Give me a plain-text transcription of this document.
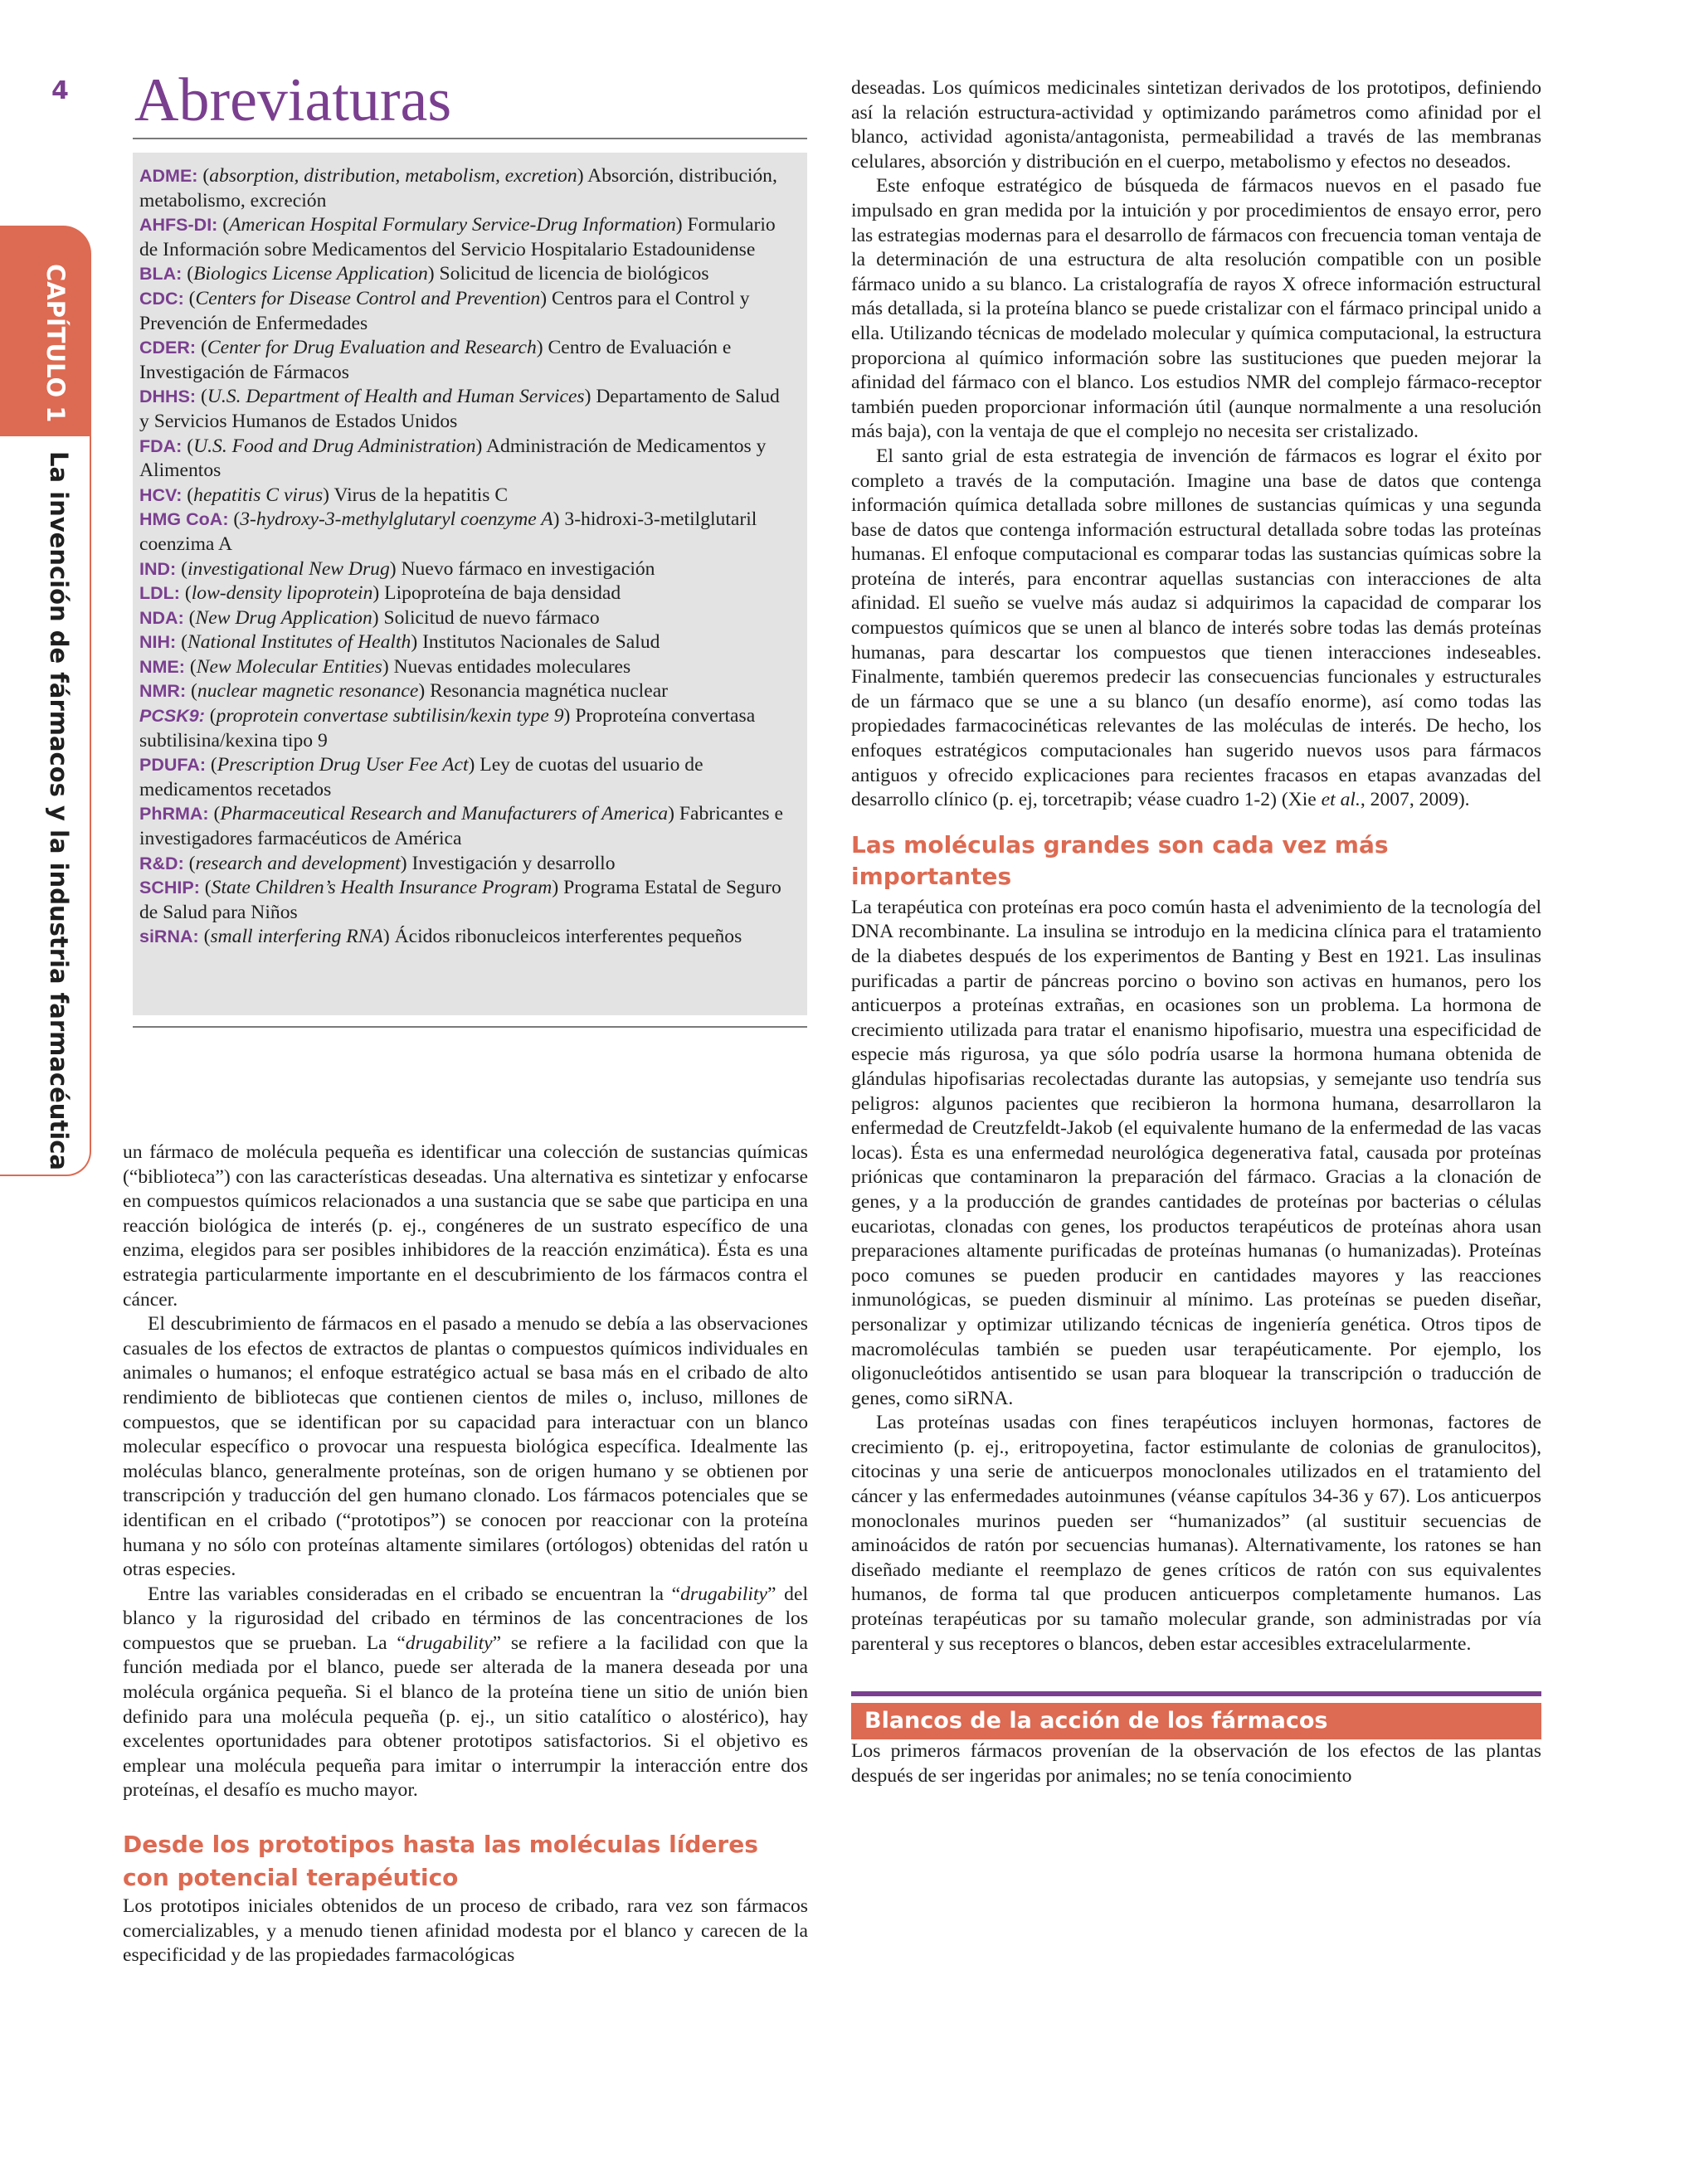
4
CAPÍTULO 1
La invención de fármacos y la industria farmacéutica
Abreviaturas

ADME: (absorption, distribution, metabolism, excretion) Absorción, distribución, metabolismo, excreción

AHFS-DI: (American Hospital Formulary Service-Drug Information) Formulario de Información sobre Medicamentos del Servicio Hospitalario Estadounidense

BLA: (Biologics License Application) Solicitud de licencia de biológicos

CDC: (Centers for Disease Control and Prevention) Centros para el Control y Prevención de Enfermedades

CDER: (Center for Drug Evaluation and Research) Centro de Evaluación e Investigación de Fármacos

DHHS: (U.S. Department of Health and Human Services) Departamento de Salud y Servicios Humanos de Estados Unidos

FDA: (U.S. Food and Drug Administration) Administración de Medicamentos y Alimentos

HCV: (hepatitis C virus) Virus de la hepatitis C

HMG CoA: (3-hydroxy-3-methylglutaryl coenzyme A) 3-hidroxi-3-metilglutaril coenzima A

IND: (investigational New Drug) Nuevo fármaco en investigación

LDL: (low-density lipoprotein) Lipoproteína de baja densidad

NDA: (New Drug Application) Solicitud de nuevo fármaco

NIH: (National Institutes of Health) Institutos Nacionales de Salud

NME: (New Molecular Entities) Nuevas entidades moleculares

NMR: (nuclear magnetic resonance) Resonancia magnética nuclear

PCSK9: (proprotein convertase subtilisin/kexin type 9) Proproteína convertasa subtilisina/kexina tipo 9

PDUFA: (Prescription Drug User Fee Act) Ley de cuotas del usuario de medicamentos recetados

PhRMA: (Pharmaceutical Research and Manufacturers of America) Fabricantes e investigadores farmacéuticos de América

R&D: (research and development) Investigación y desarrollo

SCHIP: (State Children’s Health Insurance Program) Programa Estatal de Seguro de Salud para Niños

siRNA: (small interfering RNA) Ácidos ribonucleicos interferentes pequeños

un fármaco de molécula pequeña es identificar una colección de sustancias químicas (“biblioteca”) con las características deseadas. Una alternativa es sintetizar y enfocarse en compuestos químicos relacionados a una sustancia que se sabe que participa en una reacción biológica de interés (p. ej., congéneres de un sustrato específico de una enzima, elegidos para ser posibles inhibidores de la reacción enzimática). Ésta es una estrategia particularmente importante en el descubrimiento de los fármacos contra el cáncer.

El descubrimiento de fármacos en el pasado a menudo se debía a las observaciones casuales de los efectos de extractos de plantas o compuestos químicos individuales en animales o humanos; el enfoque estratégico actual se basa más en el cribado de alto rendimiento de bibliotecas que contienen cientos de miles o, incluso, millones de compuestos, que se identifican por su capacidad para interactuar con un blanco molecular específico o provocar una respuesta biológica específica. Idealmente las moléculas blanco, generalmente proteínas, son de origen humano y se obtienen por transcripción y traducción del gen humano clonado. Los fármacos potenciales que se identifican en el cribado (“prototipos”) se conocen por reaccionar con la proteína humana y no sólo con proteínas altamente similares (ortólogos) obtenidas del ratón u otras especies.

Entre las variables consideradas en el cribado se encuentran la “drugability” del blanco y la rigurosidad del cribado en términos de las concentraciones de los compuestos que se prueban. La “drugability” se refiere a la facilidad con que la función mediada por el blanco, puede ser alterada de la manera deseada por una molécula orgánica pequeña. Si el blanco de la proteína tiene un sitio de unión bien definido para una molécula pequeña (p. ej., un sitio catalítico o alostérico), hay excelentes oportunidades para obtener prototipos satisfactorios. Si el objetivo es emplear una molécula pequeña para imitar o interrumpir la interacción entre dos proteínas, el desafío es mucho mayor.

Desde los prototipos hasta las moléculas líderes con potencial terapéutico

Los prototipos iniciales obtenidos de un proceso de cribado, rara vez son fármacos comercializables, y a menudo tienen afinidad modesta por el blanco y carecen de la especificidad y de las propiedades farmacológicas

deseadas. Los químicos medicinales sintetizan derivados de los prototipos, definiendo así la relación estructura-actividad y optimizando parámetros como afinidad por el blanco, actividad agonista/antagonista, permeabilidad a través de las membranas celulares, absorción y distribución en el cuerpo, metabolismo y efectos no deseados.

Este enfoque estratégico de búsqueda de fármacos nuevos en el pasado fue impulsado en gran medida por la intuición y por procedimientos de ensayo error, pero las estrategias modernas para el desarrollo de fármacos con frecuencia toman ventaja de la determinación de una estructura de alta resolución compatible con un posible fármaco unido a su blanco. La cristalografía de rayos X ofrece información estructural más detallada, si la proteína blanco se puede cristalizar con el fármaco principal unido a ella. Utilizando técnicas de modelado molecular y química computacional, la estructura proporciona al químico información sobre las sustituciones que pueden mejorar la afinidad del fármaco con el blanco. Los estudios NMR del complejo fármaco-receptor también pueden proporcionar información útil (aunque normalmente a una resolución más baja), con la ventaja de que el complejo no necesita ser cristalizado.

El santo grial de esta estrategia de invención de fármacos es lograr el éxito por completo a través de la computación. Imagine una base de datos que contenga información química detallada sobre millones de sustancias químicas y una segunda base de datos que contenga información estructural detallada sobre todas las proteínas humanas. El enfoque computacional es comparar todas las sustancias químicas sobre la proteína de interés, para encontrar aquellas sustancias con interacciones de alta afinidad. El sueño se vuelve más audaz si adquirimos la capacidad de comparar los compuestos químicos que se unen al blanco de interés sobre todas las demás proteínas humanas, para descartar los compuestos que tienen interacciones indeseables. Finalmente, también queremos predecir las consecuencias funcionales y estructurales de un fármaco que se une a su blanco (un desafío enorme), así como todas las propiedades farmacocinéticas relevantes de las moléculas de interés. De hecho, los enfoques estratégicos computacionales han sugerido nuevos usos para fármacos antiguos y ofrecido explicaciones para recientes fracasos en etapas avanzadas del desarrollo clínico (p. ej, torcetrapib; véase cuadro 1-2) (Xie et al., 2007, 2009).

Las moléculas grandes son cada vez más importantes

La terapéutica con proteínas era poco común hasta el advenimiento de la tecnología del DNA recombinante. La insulina se introdujo en la medicina clínica para el tratamiento de la diabetes después de los experimentos de Banting y Best en 1921. Las insulinas purificadas a partir de páncreas porcino o bovino son activas en humanos, pero los anticuerpos a proteínas extrañas, en ocasiones son un problema. La hormona de crecimiento utilizada para tratar el enanismo hipofisario, muestra una especificidad de especie más rigurosa, ya que sólo podría usarse la hormona humana obtenida de glándulas hipofisarias recolectadas durante las autopsias, y semejante uso tendría sus peligros: algunos pacientes que recibieron la hormona humana, desarrollaron la enfermedad de Creutzfeldt-Jakob (el equivalente humano de la enfermedad de las vacas locas). Ésta es una enfermedad neurológica degenerativa fatal, causada por proteínas priónicas que contaminaron la preparación del fármaco. Gracias a la clonación de genes, y a la producción de grandes cantidades de proteínas por bacterias o células eucariotas, clonadas con genes, los productos terapéuticos de proteínas ahora usan preparaciones altamente purificadas de proteínas humanas (o humanizadas). Proteínas poco comunes se pueden producir en cantidades mayores y las reacciones inmunológicas, se pueden disminuir al mínimo. Las proteínas se pueden diseñar, personalizar y optimizar utilizando técnicas de ingeniería genética. Otros tipos de macromoléculas también se pueden usar terapéuticamente. Por ejemplo, los oligonucleótidos antisentido se usan para bloquear la transcripción o traducción de genes, como siRNA.

Las proteínas usadas con fines terapéuticos incluyen hormonas, factores de crecimiento (p. ej., eritropoyetina, factor estimulante de colonias de granulocitos), citocinas y una serie de anticuerpos monoclonales utilizados en el tratamiento del cáncer y las enfermedades autoinmunes (véanse capítulos 34-36 y 67). Los anticuerpos monoclonales murinos pueden ser “humanizados” (al sustituir secuencias de aminoácidos de ratón por secuencias humanas). Alternativamente, los ratones se han diseñado mediante el reemplazo de genes críticos de ratón con sus equivalentes humanos, de forma tal que producen anticuerpos completamente humanos. Las proteínas terapéuticas por su tamaño molecular grande, son administradas por vía parenteral y sus receptores o blancos, deben estar accesibles extracelularmente.

Blancos de la acción de los fármacos

Los primeros fármacos provenían de la observación de los efectos de las plantas después de ser ingeridas por animales; no se tenía conocimiento
